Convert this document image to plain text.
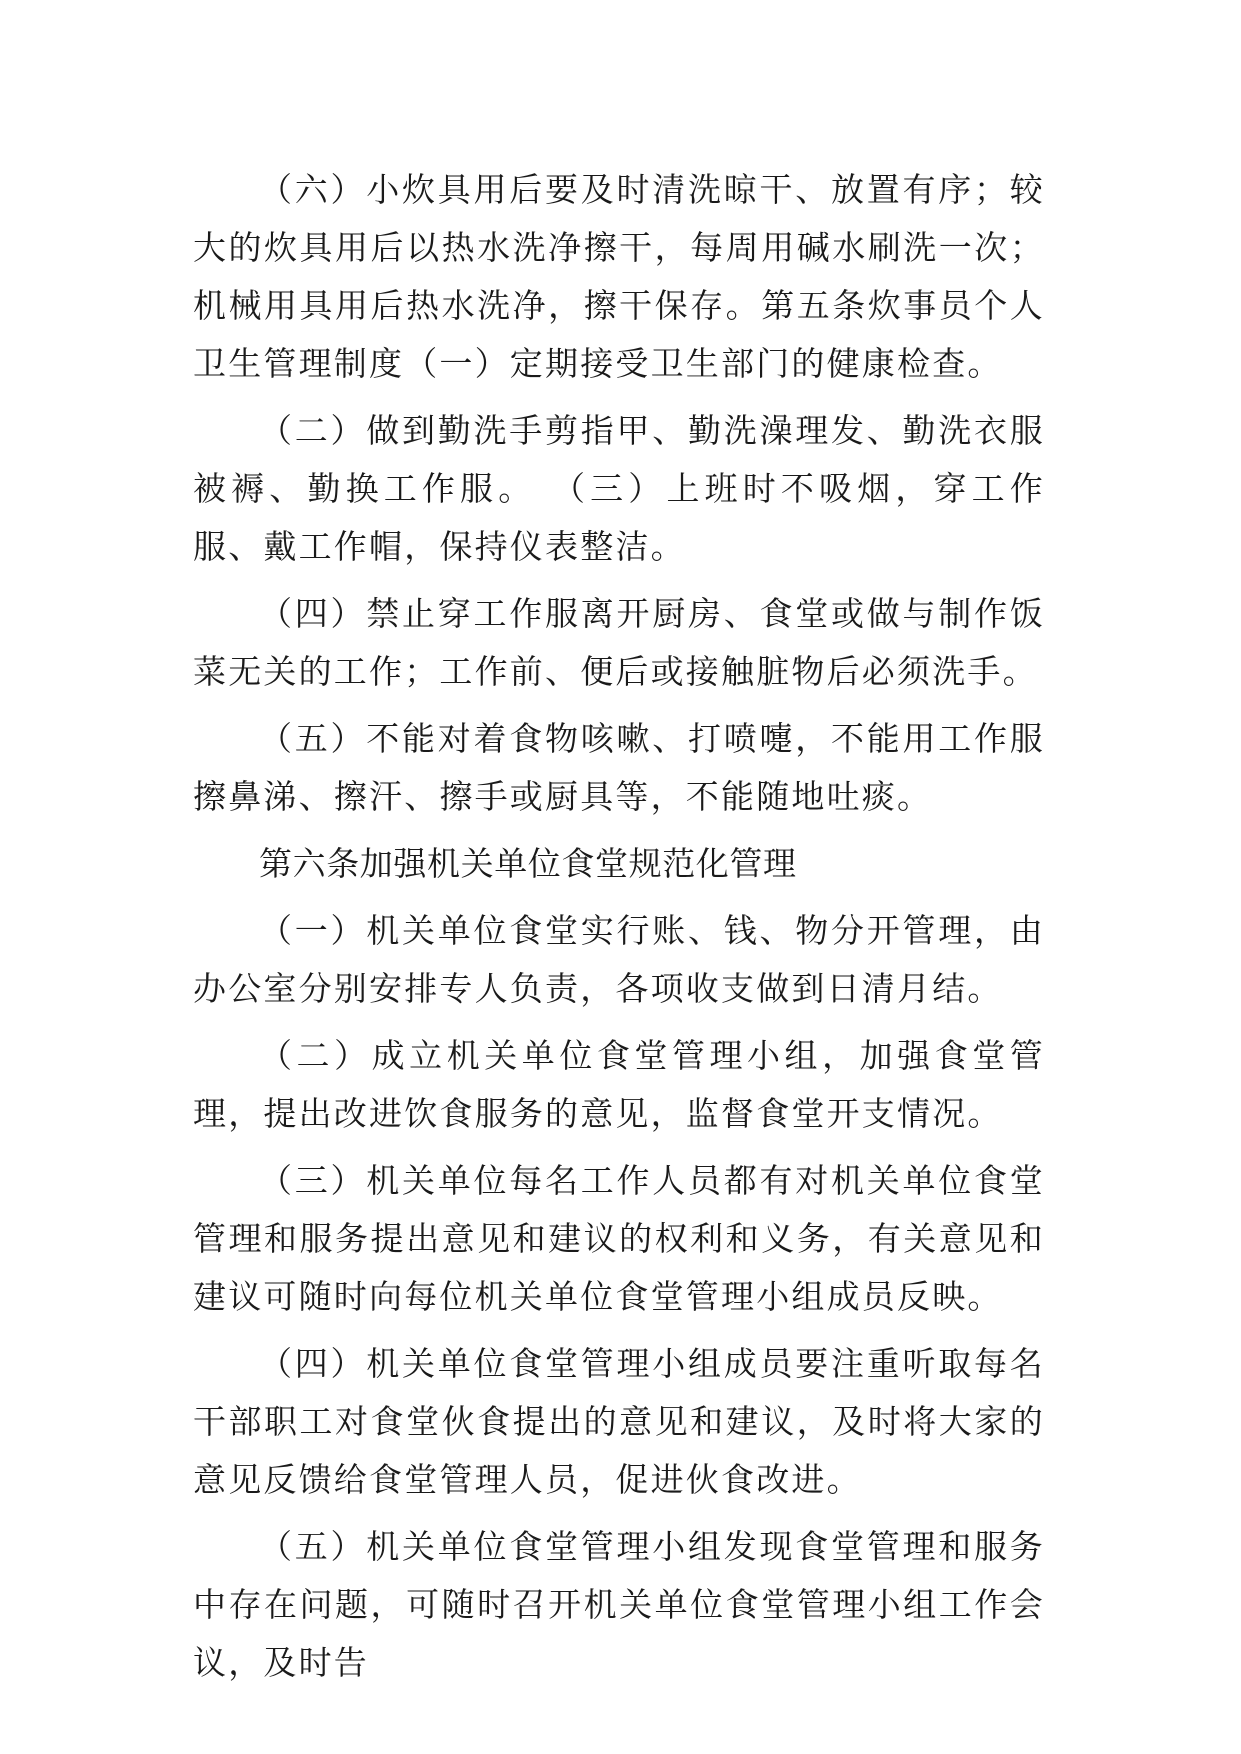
（六）小炊具用后要及时清洗晾干、放置有序；较大的炊具用后以热水洗净擦干，每周用碱水刷洗一次；机械用具用后热水洗净，擦干保存。第五条炊事员个人卫生管理制度（一）定期接受卫生部门的健康检查。

（二）做到勤洗手剪指甲、勤洗澡理发、勤洗衣服被褥、勤换工作服。 （三）上班时不吸烟，穿工作服、戴工作帽，保持仪表整洁。

（四）禁止穿工作服离开厨房、食堂或做与制作饭菜无关的工作；工作前、便后或接触脏物后必须洗手。

（五）不能对着食物咳嗽、打喷嚏，不能用工作服擦鼻涕、擦汗、擦手或厨具等，不能随地吐痰。

第六条加强机关单位食堂规范化管理

（一）机关单位食堂实行账、钱、物分开管理，由办公室分别安排专人负责，各项收支做到日清月结。

（二）成立机关单位食堂管理小组，加强食堂管理，提出改进饮食服务的意见，监督食堂开支情况。

（三）机关单位每名工作人员都有对机关单位食堂管理和服务提出意见和建议的权利和义务，有关意见和建议可随时向每位机关单位食堂管理小组成员反映。

（四）机关单位食堂管理小组成员要注重听取每名干部职工对食堂伙食提出的意见和建议，及时将大家的意见反馈给食堂管理人员，促进伙食改进。

（五）机关单位食堂管理小组发现食堂管理和服务中存在问题，可随时召开机关单位食堂管理小组工作会议，及时告
